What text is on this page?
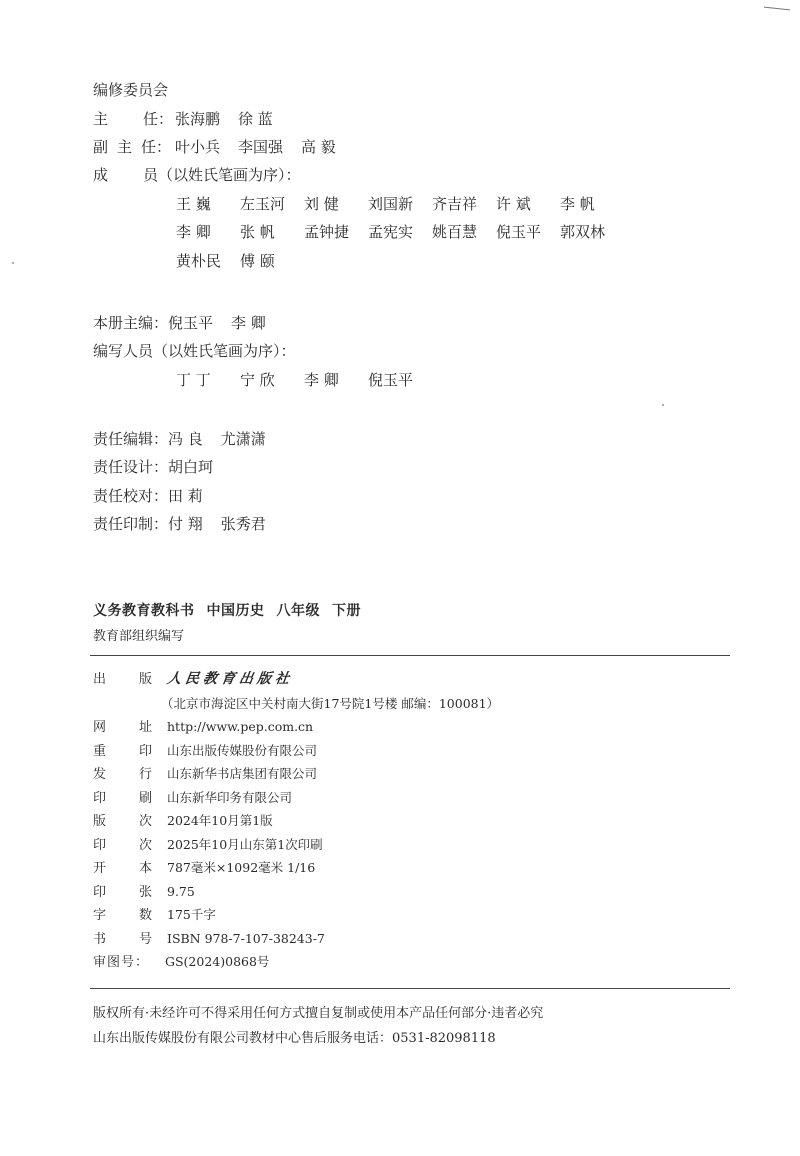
编修委员会
主 任： 张海鹏 徐 蓝
副 主 任： 叶小兵 李国强 高 毅
成 员（以姓氏笔画为序）：
王 巍 左玉河 刘 健 刘国新 齐吉祥 许 斌 李 帆
李 卿 张 帆 孟钟捷 孟宪实 姚百慧 倪玉平 郭双林
黄朴民 傅 颐
本册主编：倪玉平 李 卿
编写人员（以姓氏笔画为序）：
丁 丁 宁 欣 李 卿 倪玉平
责任编辑：冯 良 尤潇潇
责任设计：胡白珂
责任校对：田 莉
责任印制：付 翔 张秀君
义务教育教科书 中国历史 八年级 下册
教育部组织编写
出	版 人民教育出版社
（北京市海淀区中关村南大街17号院1号楼 邮编：100081）
网	址 http://www.pep.com.cn
重	印 山东出版传媒股份有限公司
发	行 山东新华书店集团有限公司
印	刷 山东新华印务有限公司
版	次 2024年10月第1版
印	次 2025年10月山东第1次印刷
开	本 787毫米×1092毫米 1/16
印	张 9.75
字	数 175千字
书	号 ISBN 978-7-107-38243-7
审图号： GS(2024)0868号
版权所有·未经许可不得采用任何方式擅自复制或使用本产品任何部分·违者必究
山东出版传媒股份有限公司教材中心售后服务电话：0531-82098118
